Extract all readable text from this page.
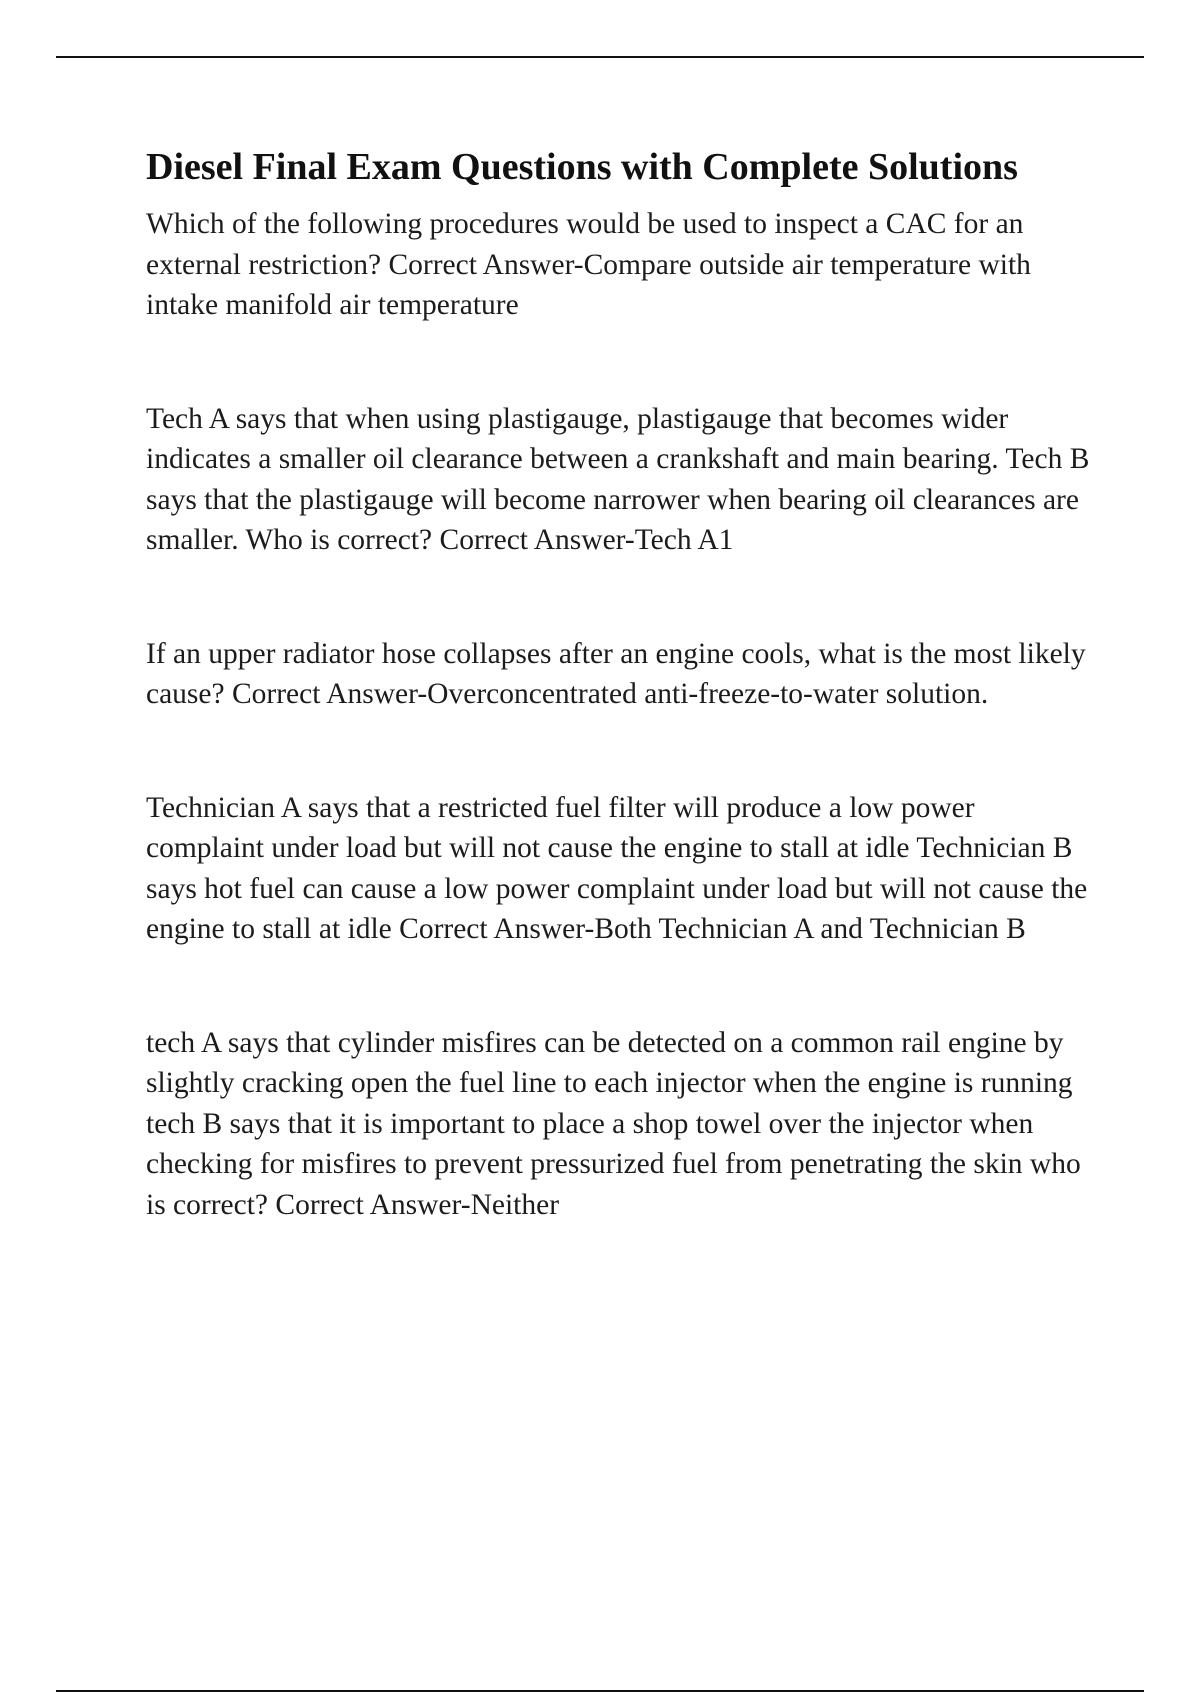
Diesel Final Exam Questions with Complete Solutions

Which of the following procedures would be used to inspect a CAC for an external restriction? Correct Answer-Compare outside air temperature with intake manifold air temperature

Tech A says that when using plastigauge, plastigauge that becomes wider indicates a smaller oil clearance between a crankshaft and main bearing. Tech B says that the plastigauge will become narrower when bearing oil clearances are smaller. Who is correct? Correct Answer-Tech A1

If an upper radiator hose collapses after an engine cools, what is the most likely cause? Correct Answer-Overconcentrated anti-freeze-to-water solution.

Technician A says that a restricted fuel filter will produce a low power complaint under load but will not cause the engine to stall at idle Technician B says hot fuel can cause a low power complaint under load but will not cause the engine to stall at idle Correct Answer-Both Technician A and Technician B

tech A says that cylinder misfires can be detected on a common rail engine by slightly cracking open the fuel line to each injector when the engine is running tech B says that it is important to place a shop towel over the injector when checking for misfires to prevent pressurized fuel from penetrating the skin who is correct? Correct Answer-Neither
